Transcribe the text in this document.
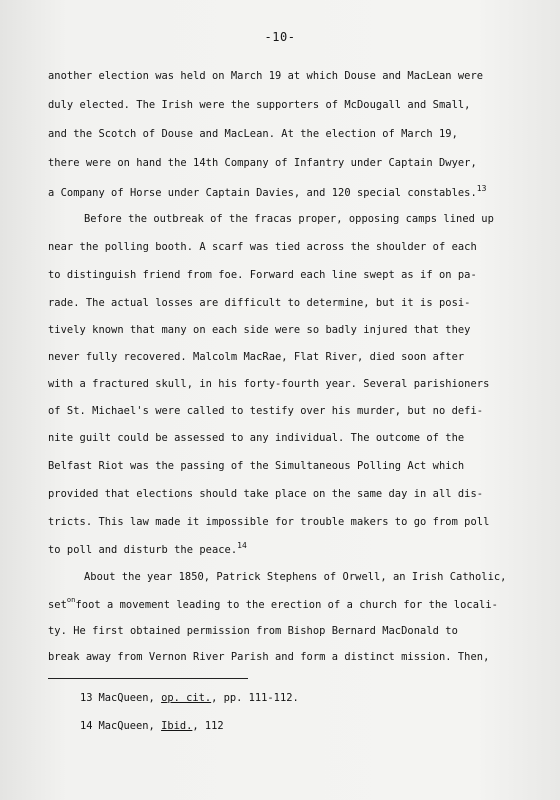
-10-
another election was held on March 19 at which Douse and MacLean were
duly elected. The Irish were the supporters of McDougall and Small,
and the Scotch of Douse and MacLean. At the election of March 19,
there were on hand the 14th Company of Infantry under Captain Dwyer,
a Company of Horse under Captain Davies, and 120 special constables.$^{13}$
Before the outbreak of the fracas proper, opposing camps lined up
near the polling booth. A scarf was tied across the shoulder of each
to distinguish friend from foe. Forward each line swept as if on pa-
rade. The actual losses are difficult to determine, but it is posi-
tively known that many on each side were so badly injured that they
never fully recovered. Malcolm MacRae, Flat River, died soon after
with a fractured skull, in his forty-fourth year. Several parishioners
of St. Michael's were called to testify over his murder, but no defi-
nite guilt could be assessed to any individual. The outcome of the
Belfast Riot was the passing of the Simultaneous Polling Act which
provided that elections should take place on the same day in all dis-
tricts. This law made it impossible for trouble makers to go from poll
to poll and disturb the peace.$^{14}$
About the year 1850, Patrick Stephens of Orwell, an Irish Catholic,
set$^{on}$foot a movement leading to the erection of a church for the locali-
ty. He first obtained permission from Bishop Bernard MacDonald to
break away from Vernon River Parish and form a distinct mission. Then,
13 MacQueen, op. cit., pp. 111-112.
14 MacQueen, Ibid., 112
